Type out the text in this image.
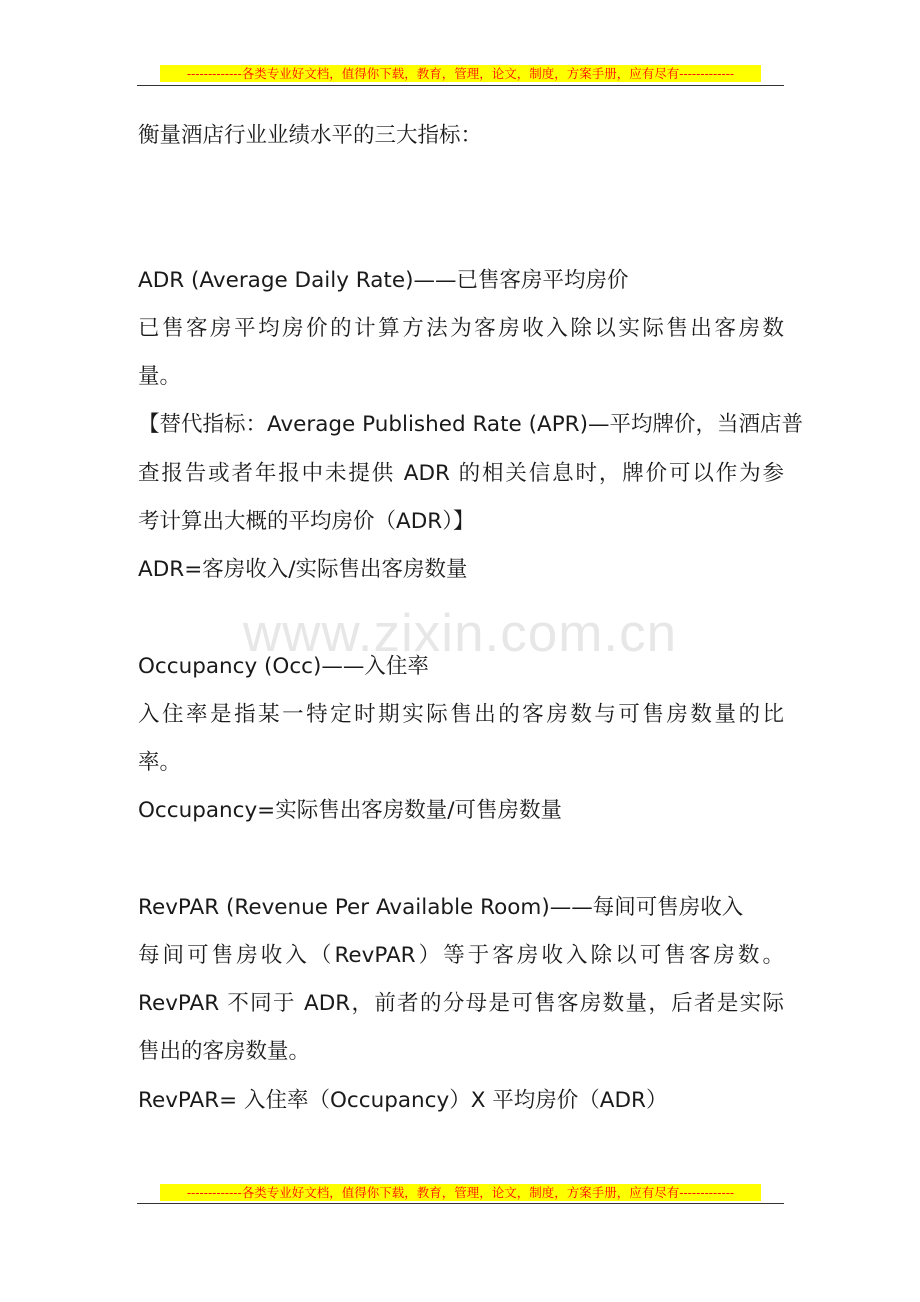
-------------各类专业好文档，值得你下载，教育，管理，论文，制度，方案手册，应有尽有-------------
www.zixin.com.cn
衡量酒店行业业绩水平的三大指标：
ADR (Average Daily Rate)——已售客房平均房价
已售客房平均房价的计算方法为客房收入除以实际售出客房数
量。
【替代指标：Average Published Rate (APR)—平均牌价，当酒店普
查报告或者年报中未提供 ADR 的相关信息时，牌价可以作为参
考计算出大概的平均房价（ADR）】
ADR=客房收入/实际售出客房数量
Occupancy (Occ)——入住率
入住率是指某一特定时期实际售出的客房数与可售房数量的比
率。
Occupancy=实际售出客房数量/可售房数量
RevPAR (Revenue Per Available Room)——每间可售房收入
每间可售房收入（RevPAR）等于客房收入除以可售客房数。
RevPAR 不同于 ADR，前者的分母是可售客房数量，后者是实际
售出的客房数量。
RevPAR= 入住率（Occupancy）X 平均房价（ADR）
-------------各类专业好文档，值得你下载，教育，管理，论文，制度，方案手册，应有尽有-------------
